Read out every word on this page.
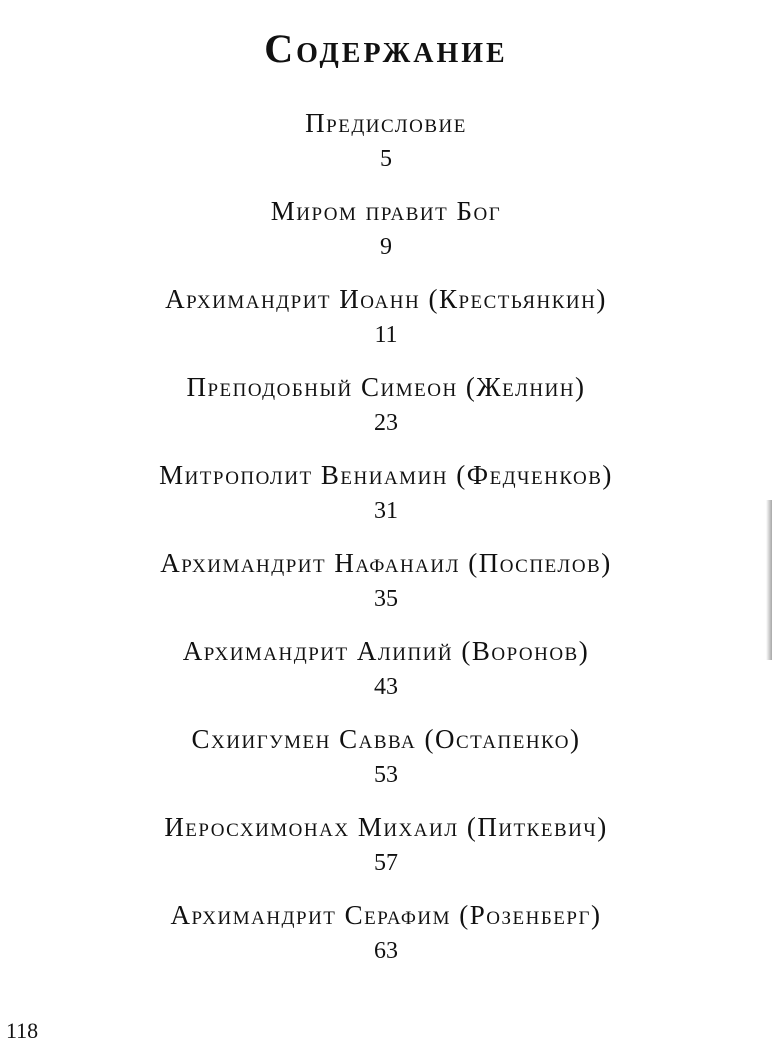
Содержание
Предисловие
5
Миром правит Бог
9
Архимандрит Иоанн (Крестьянкин)
11
Преподобный Симеон (Желнин)
23
Митрополит Вениамин (Федченков)
31
Архимандрит Нафанаил (Поспелов)
35
Архимандрит Алипий (Воронов)
43
Схиигумен Савва (Остапенко)
53
Иеросхимонах Михаил (Питкевич)
57
Архимандрит Серафим (Розенберг)
63
118
